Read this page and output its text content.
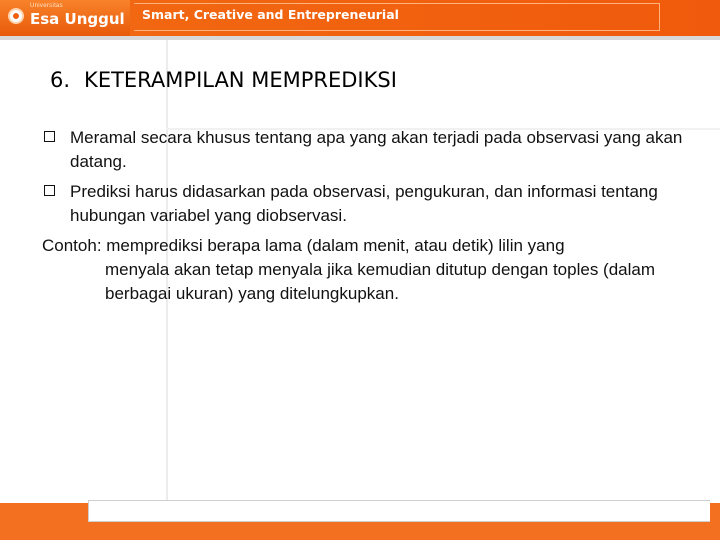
Universitas
Esa Unggul Smart, Creative and Entrepreneurial
6. KETERAMPILAN MEMPREDIKSI
Meramal secara khusus tentang apa yang akan terjadi pada observasi yang akan datang.
Prediksi harus didasarkan pada observasi, pengukuran, dan informasi tentang hubungan variabel yang diobservasi.
Contoh: memprediksi berapa lama (dalam menit, atau detik) lilin yang
menyala akan tetap menyala jika kemudian ditutup dengan toples (dalam berbagai ukuran) yang ditelungkupkan.
